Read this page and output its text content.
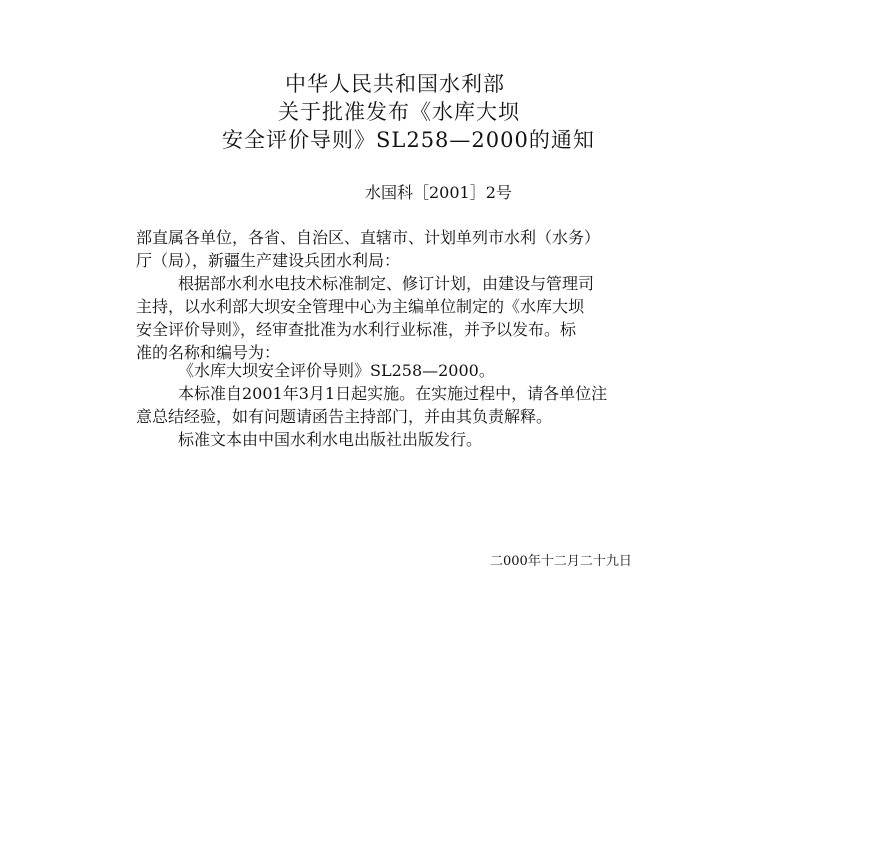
中华人民共和国水利部
关于批准发布《水库大坝
安全评价导则》SL258—2000的通知
水国科［2001］2号
部直属各单位，各省、自治区、直辖市、计划单列市水利（水务）
厅（局），新疆生产建设兵团水利局：
根据部水利水电技术标准制定、修订计划，由建设与管理司
主持，以水利部大坝安全管理中心为主编单位制定的《水库大坝
安全评价导则》，经审查批准为水利行业标准，并予以发布。标
准的名称和编号为：
《水库大坝安全评价导则》SL258—2000。
本标准自2001年3月1日起实施。在实施过程中，请各单位注
意总结经验，如有问题请函告主持部门，并由其负责解释。
标准文本由中国水利水电出版社出版发行。
二000年十二月二十九日
